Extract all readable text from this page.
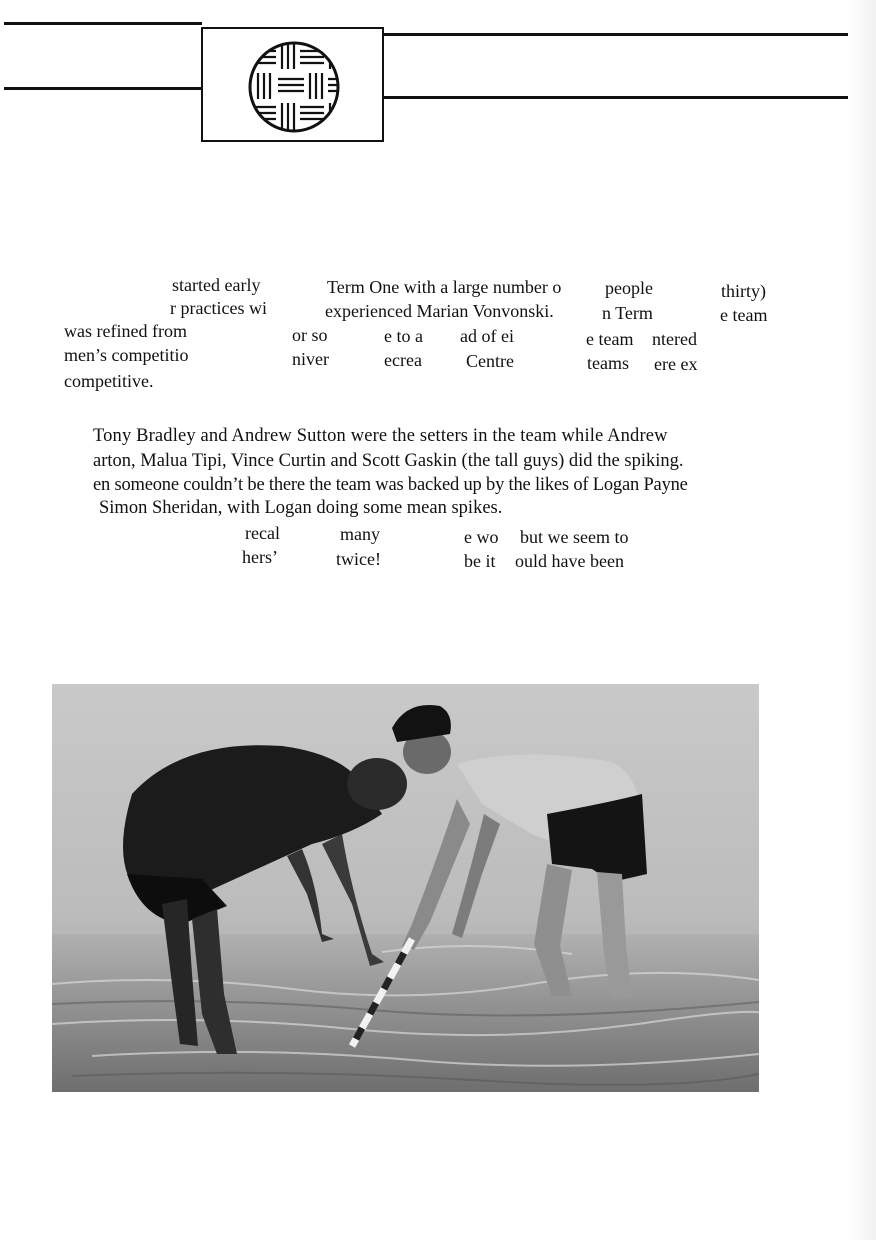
started early	Term One with a large number o people	thirty)
r practices wi	experienced Marian Vonvonski.	n Term	e team
was refined from	or so	e to a ad of ei	e team ntered
men’s competitio	niver	ecrea Centre	teams ere ex
competitive.
Tony Bradley and Andrew Sutton were the setters in the team while Andrew
arton, Malua Tipi, Vince Curtin and Scott Gaskin (the tall guys) did the spiking.
en someone couldn’t be there the team was backed up by the likes of Logan Payne
Simon Sheridan, with Logan doing some mean spikes.
recal	many	e wo but we seem to
hers’	twice!	be it ould have been
